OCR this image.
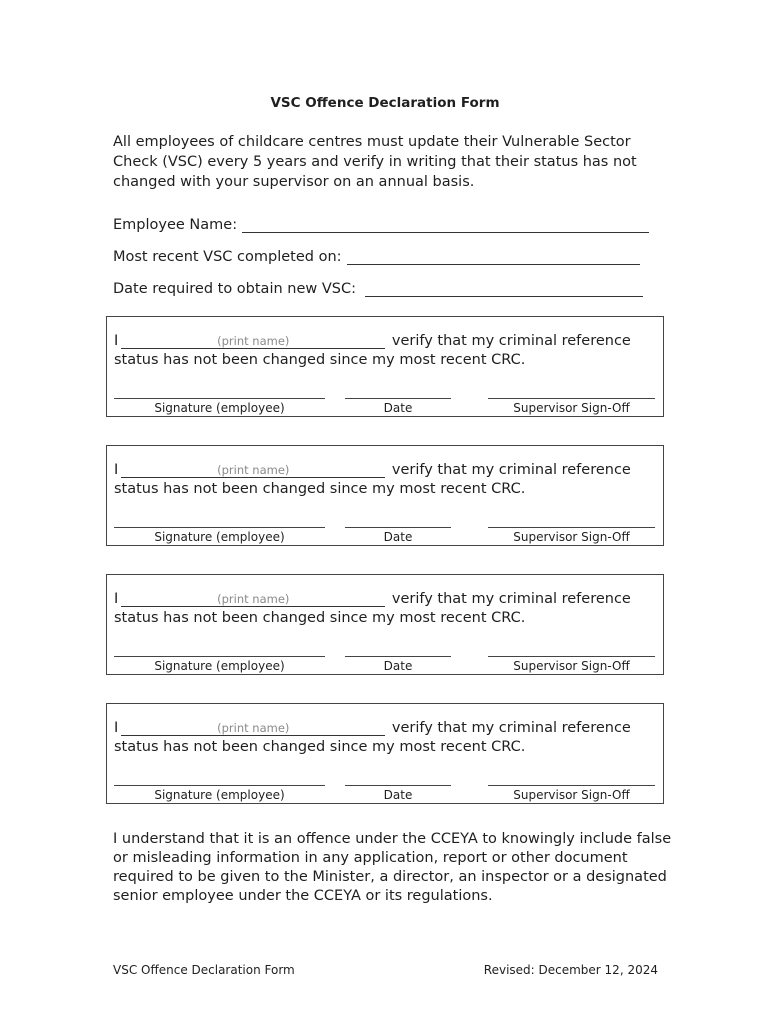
VSC Offence Declaration Form
All employees of childcare centres must update their Vulnerable Sector Check (VSC) every 5 years and verify in writing that their status has not changed with your supervisor on an annual basis.
Employee Name:
Most recent VSC completed on:
Date required to obtain new VSC:
I	(print name)	verify that my criminal reference status has not been changed since my most recent CRC.
Signature (employee)	Date	Supervisor Sign-Off
I	(print name)	verify that my criminal reference status has not been changed since my most recent CRC.
Signature (employee)	Date	Supervisor Sign-Off
I	(print name)	verify that my criminal reference status has not been changed since my most recent CRC.
Signature (employee)	Date	Supervisor Sign-Off
I	(print name)	verify that my criminal reference status has not been changed since my most recent CRC.
Signature (employee)	Date	Supervisor Sign-Off
I understand that it is an offence under the CCEYA to knowingly include false or misleading information in any application, report or other document required to be given to the Minister, a director, an inspector or a designated senior employee under the CCEYA or its regulations.
VSC Offence Declaration Form	Revised: December 12, 2024
